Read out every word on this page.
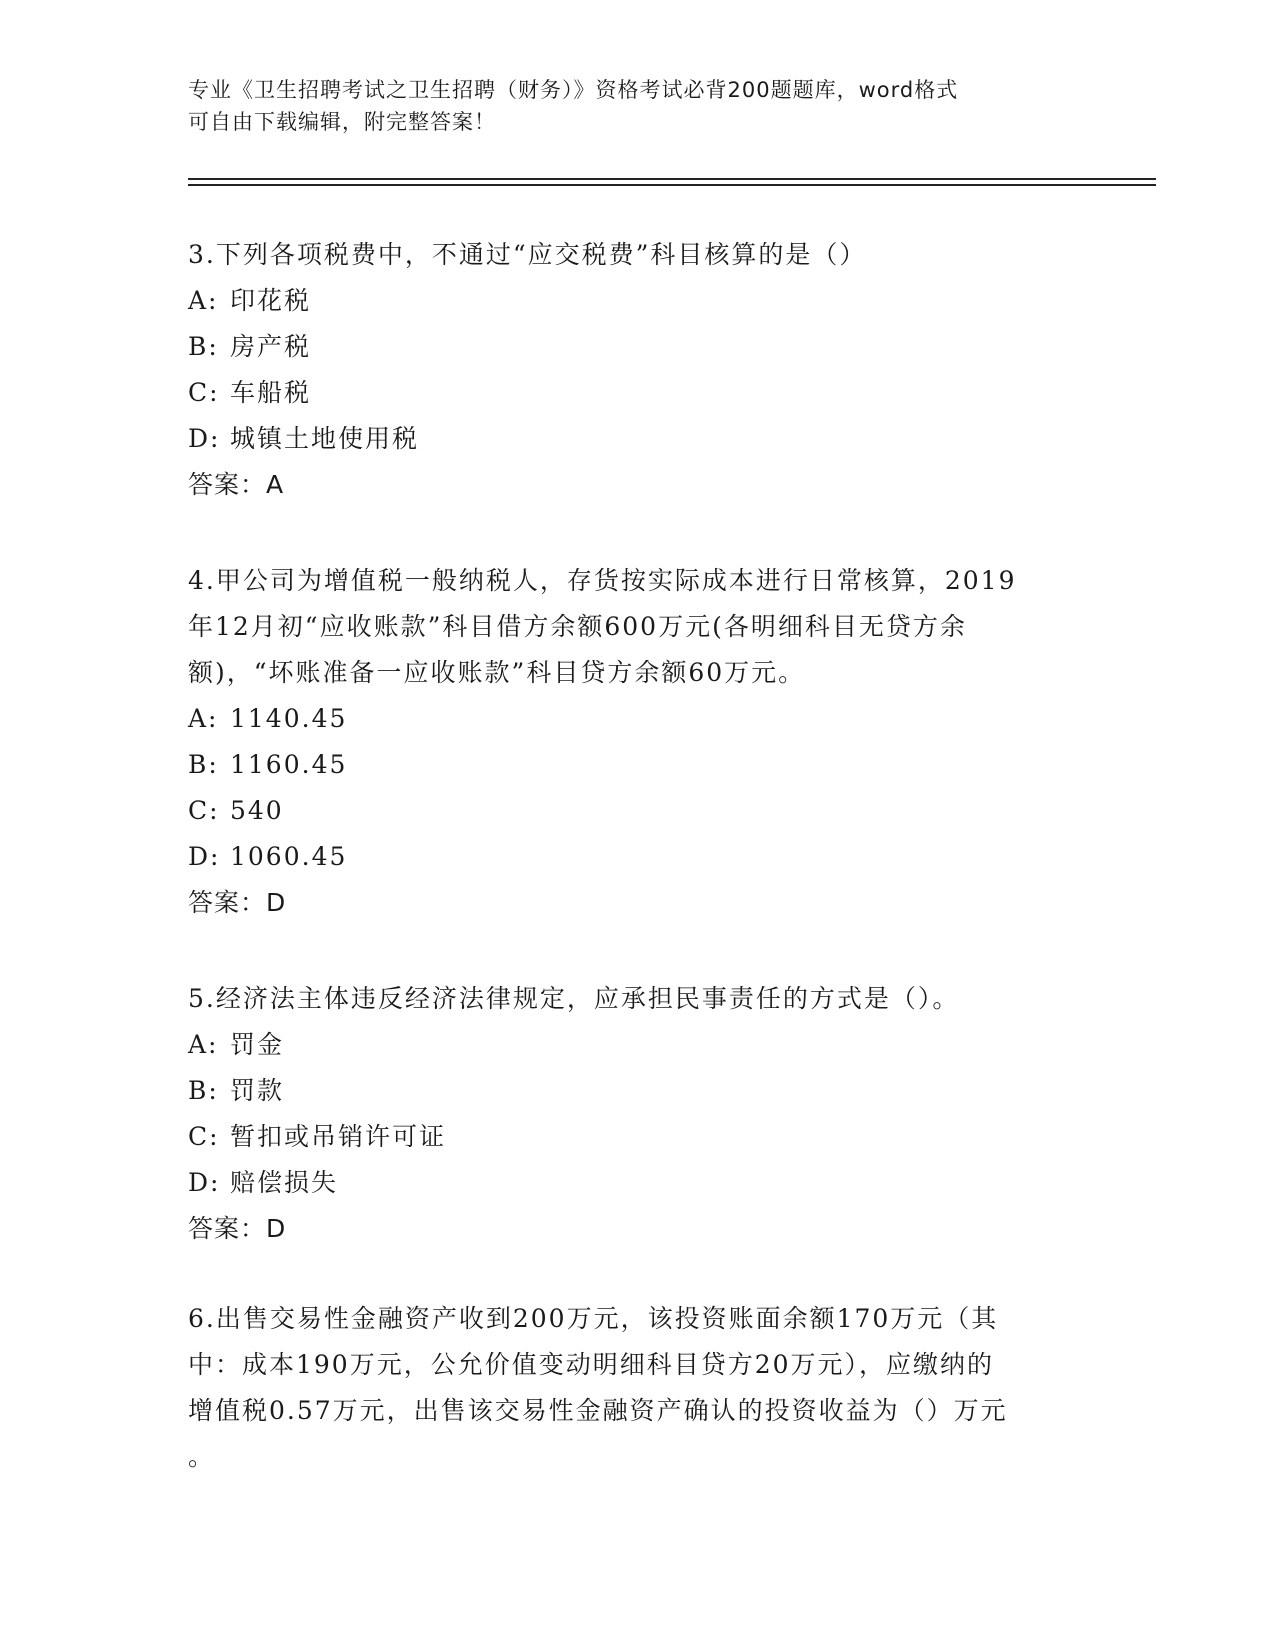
专业《卫生招聘考试之卫生招聘（财务）》资格考试必背200题题库，word格式
可自由下载编辑，附完整答案！
3.下列各项税费中，不通过“应交税费”科目核算的是（）
A: 印花税
B: 房产税
C: 车船税
D: 城镇土地使用税
答案：A
4.甲公司为增值税一般纳税人，存货按实际成本进行日常核算，2019
年12月初“应收账款”科目借方余额600万元(各明细科目无贷方余
额)，“坏账准备一应收账款”科目贷方余额60万元。
A: 1140.45
B: 1160.45
C: 540
D: 1060.45
答案：D
5.经济法主体违反经济法律规定，应承担民事责任的方式是（）。
A: 罚金
B: 罚款
C: 暂扣或吊销许可证
D: 赔偿损失
答案：D
6.出售交易性金融资产收到200万元，该投资账面余额170万元（其
中：成本190万元，公允价值变动明细科目贷方20万元），应缴纳的
增值税0.57万元，出售该交易性金融资产确认的投资收益为（）万元
。
